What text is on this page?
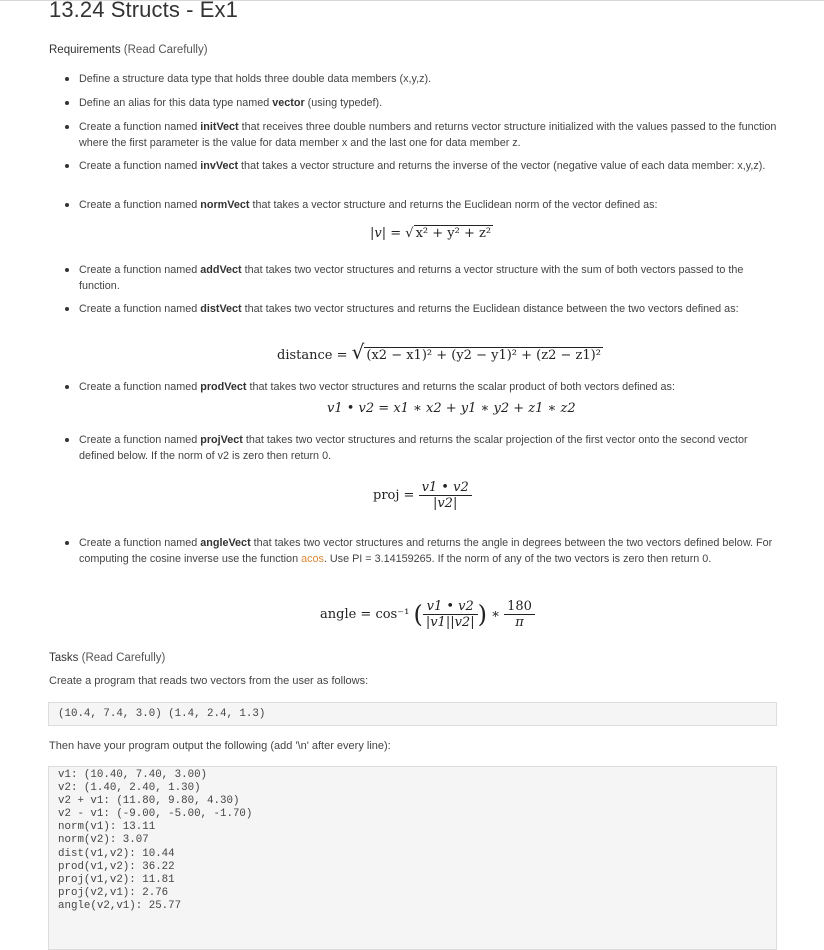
13.24 Structs - Ex1
Requirements (Read Carefully)
Define a structure data type that holds three double data members (x,y,z).
Define an alias for this data type named vector (using typedef).
Create a function named initVect that receives three double numbers and returns vector structure initialized with the values passed to the function where the first parameter is the value for data member x and the last one for data member z.
Create a function named invVect that takes a vector structure and returns the inverse of the vector (negative value of each data member: x,y,z).
Create a function named normVect that takes a vector structure and returns the Euclidean norm of the vector defined as:
Create a function named addVect that takes two vector structures and returns a vector structure with the sum of both vectors passed to the function.
Create a function named distVect that takes two vector structures and returns the Euclidean distance between the two vectors defined as:
Create a function named prodVect that takes two vector structures and returns the scalar product of both vectors defined as:
Create a function named projVect that takes two vector structures and returns the scalar projection of the first vector onto the second vector defined below. If the norm of v2 is zero then return 0.
Create a function named angleVect that takes two vector structures and returns the angle in degrees between the two vectors defined below. For computing the cosine inverse use the function acos. Use PI = 3.14159265. If the norm of any of the two vectors is zero then return 0.
|v| = √ x² + y² + z²
distance = √ (x2 − x1)² + (y2 − y1)² + (z2 − z1)²
v1 • v2 = x1 ∗ x2 + y1 ∗ y2 + z1 ∗ z2
proj = $\frac{v1 • v2}{|v2|}$
angle = cos⁻¹ ( $\frac{v1 • v2}{|v1||v2|}$ ) ∗ $\frac{180}{\pi}$
Tasks (Read Carefully)
Create a program that reads two vectors from the user as follows:
(10.4, 7.4, 3.0) (1.4, 2.4, 1.3)
Then have your program output the following (add '\n' after every line):
v1: (10.40, 7.40, 3.00)
v2: (1.40, 2.40, 1.30)
v2 + v1: (11.80, 9.80, 4.30)
v2 - v1: (-9.00, -5.00, -1.70)
norm(v1): 13.11
norm(v2): 3.07
dist(v1,v2): 10.44
prod(v1,v2): 36.22
proj(v1,v2): 11.81
proj(v2,v1): 2.76
angle(v2,v1): 25.77
